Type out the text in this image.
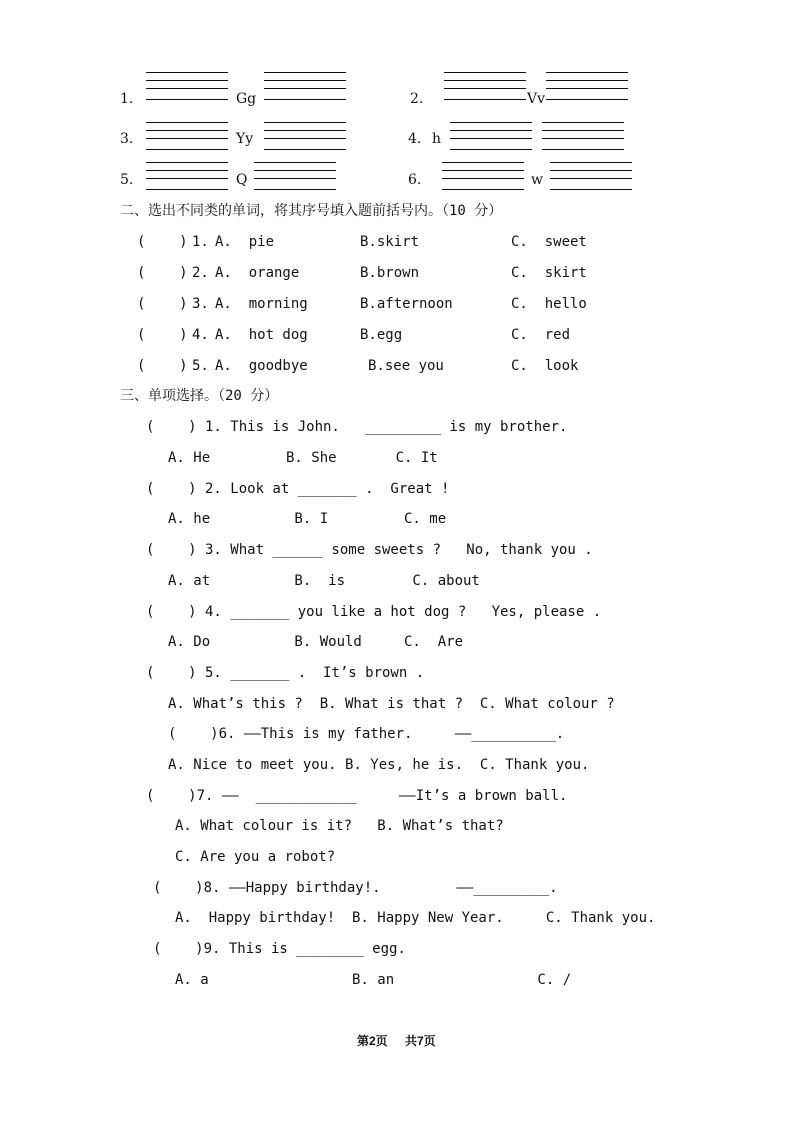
1.	Gg	2.	Vv
3.	Yy	4. h
5.	Q	6.	w
二、选出不同类的单词，将其序号填入题前括号内。（10 分）
(    ) 1. A.  pie	B.skirt	C.  sweet
(    ) 2. A.  orange	B.brown	C.  skirt
(    ) 3. A.  morning	B.afternoon	C.  hello
(    ) 4. A.  hot dog	B.egg	C.  red
(    ) 5. A.  goodbye	B.see you	C.  look
三、单项选择。（20 分）
(    ) 1. This is John.   _________ is my brother.
A. He         B. She       C. It
(    ) 2. Look at _______ .  Great !
A. he          B. I         C. me
(    ) 3. What ______ some sweets ?   No, thank you .
A. at          B.  is        C. about
(    ) 4. _______ you like a hot dog ?   Yes, please .
A. Do          B. Would     C.  Are
(    ) 5. _______ .  It’s brown .
A. What’s this ?  B. What is that ?  C. What colour ?
(    )6. ——This is my father.     ——__________.
A. Nice to meet you. B. Yes, he is.  C. Thank you.
(    )7. ——  ____________     ——It’s a brown ball.
A. What colour is it?   B. What’s that?
C. Are you a robot?
(    )8. ——Happy birthday!.         ——_________.
A.  Happy birthday!  B. Happy New Year.     C. Thank you.
(    )9. This is ________ egg.
A. a                 B. an                 C. /
第2页 共7页
